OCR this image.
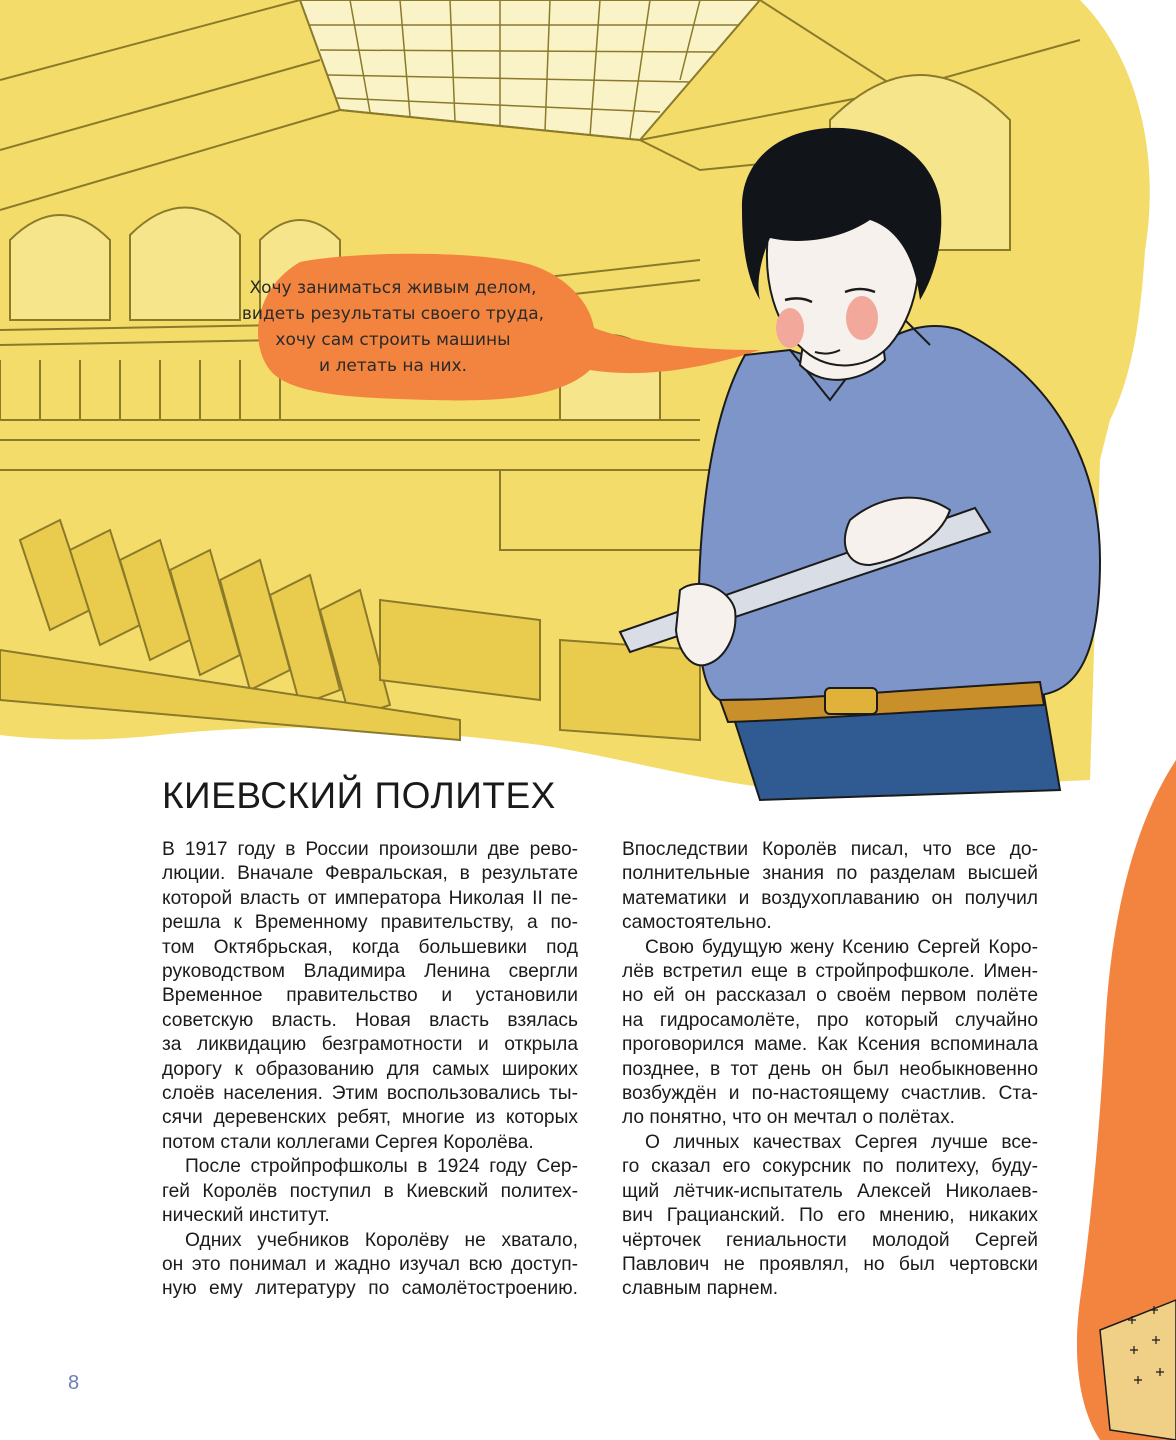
Хочу заниматься живым делом,
видеть результаты своего труда,
хочу сам строить машины
и летать на них.
КИЕВСКИЙ ПОЛИТЕХ
В 1917 году в России произошли две рево-
люции. Вначале Февральская, в результате
которой власть от императора Николая II пе-
решла к Временному правительству, а по-
том Октябрьская, когда большевики под
руководством Владимира Ленина свергли
Временное правительство и установили
советскую власть. Новая власть взялась
за ликвидацию безграмотности и открыла
дорогу к образованию для самых широких
слоёв населения. Этим воспользовались ты-
сячи деревенских ребят, многие из которых
потом стали коллегами Сергея Королёва.
После стройпрофшколы в 1924 году Сер-
гей Королёв поступил в Киевский политех-
нический институт.
Одних учебников Королёву не хватало,
он это понимал и жадно изучал всю доступ-
ную ему литературу по самолётостроению.
Впоследствии Королёв писал, что все до-
полнительные знания по разделам высшей
математики и воздухоплаванию он получил
самостоятельно.
Свою будущую жену Ксению Сергей Коро-
лёв встретил еще в стройпрофшколе. Имен-
но ей он рассказал о своём первом полёте
на гидросамолёте, про который случайно
проговорился маме. Как Ксения вспоминала
позднее, в тот день он был необыкновенно
возбуждён и по-настоящему счастлив. Ста-
ло понятно, что он мечтал о полётах.
О личных качествах Сергея лучше все-
го сказал его сокурсник по политеху, буду-
щий лётчик-испытатель Алексей Николаев-
вич Грацианский. По его мнению, никаких
чёрточек гениальности молодой Сергей
Павлович не проявлял, но был чертовски
славным парнем.
8
